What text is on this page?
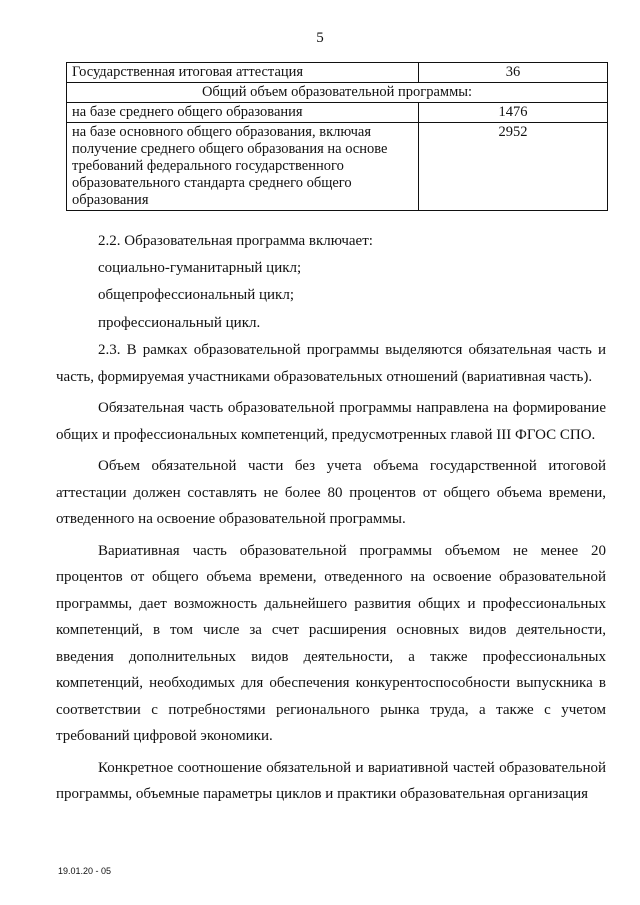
5
Государственная итоговая аттестация	36
Общий объем образовательной программы:	
на базе среднего общего образования	1476
на базе основного общего образования, включая получение среднего общего образования на основе требований федерального государственного образовательного стандарта среднего общего образования	2952

2.2. Образовательная программа включает:

социально-гуманитарный цикл;

общепрофессиональный цикл;

профессиональный цикл.

2.3. В рамках образовательной программы выделяются обязательная часть и часть, формируемая участниками образовательных отношений (вариативная часть).

Обязательная часть образовательной программы направлена на формирование общих и профессиональных компетенций, предусмотренных главой III ФГОС СПО.

Объем обязательной части без учета объема государственной итоговой аттестации должен составлять не более 80 процентов от общего объема времени, отведенного на освоение образовательной программы.

Вариативная часть образовательной программы объемом не менее 20 процентов от общего объема времени, отведенного на освоение образовательной программы, дает возможность дальнейшего развития общих и профессиональных компетенций, в том числе за счет расширения основных видов деятельности, введения дополнительных видов деятельности, а также профессиональных компетенций, необходимых для обеспечения конкурентоспособности выпускника в соответствии с потребностями регионального рынка труда, а также с учетом требований цифровой экономики.

Конкретное соотношение обязательной и вариативной частей образовательной программы, объемные параметры циклов и практики образовательная организация

19.01.20 - 05
